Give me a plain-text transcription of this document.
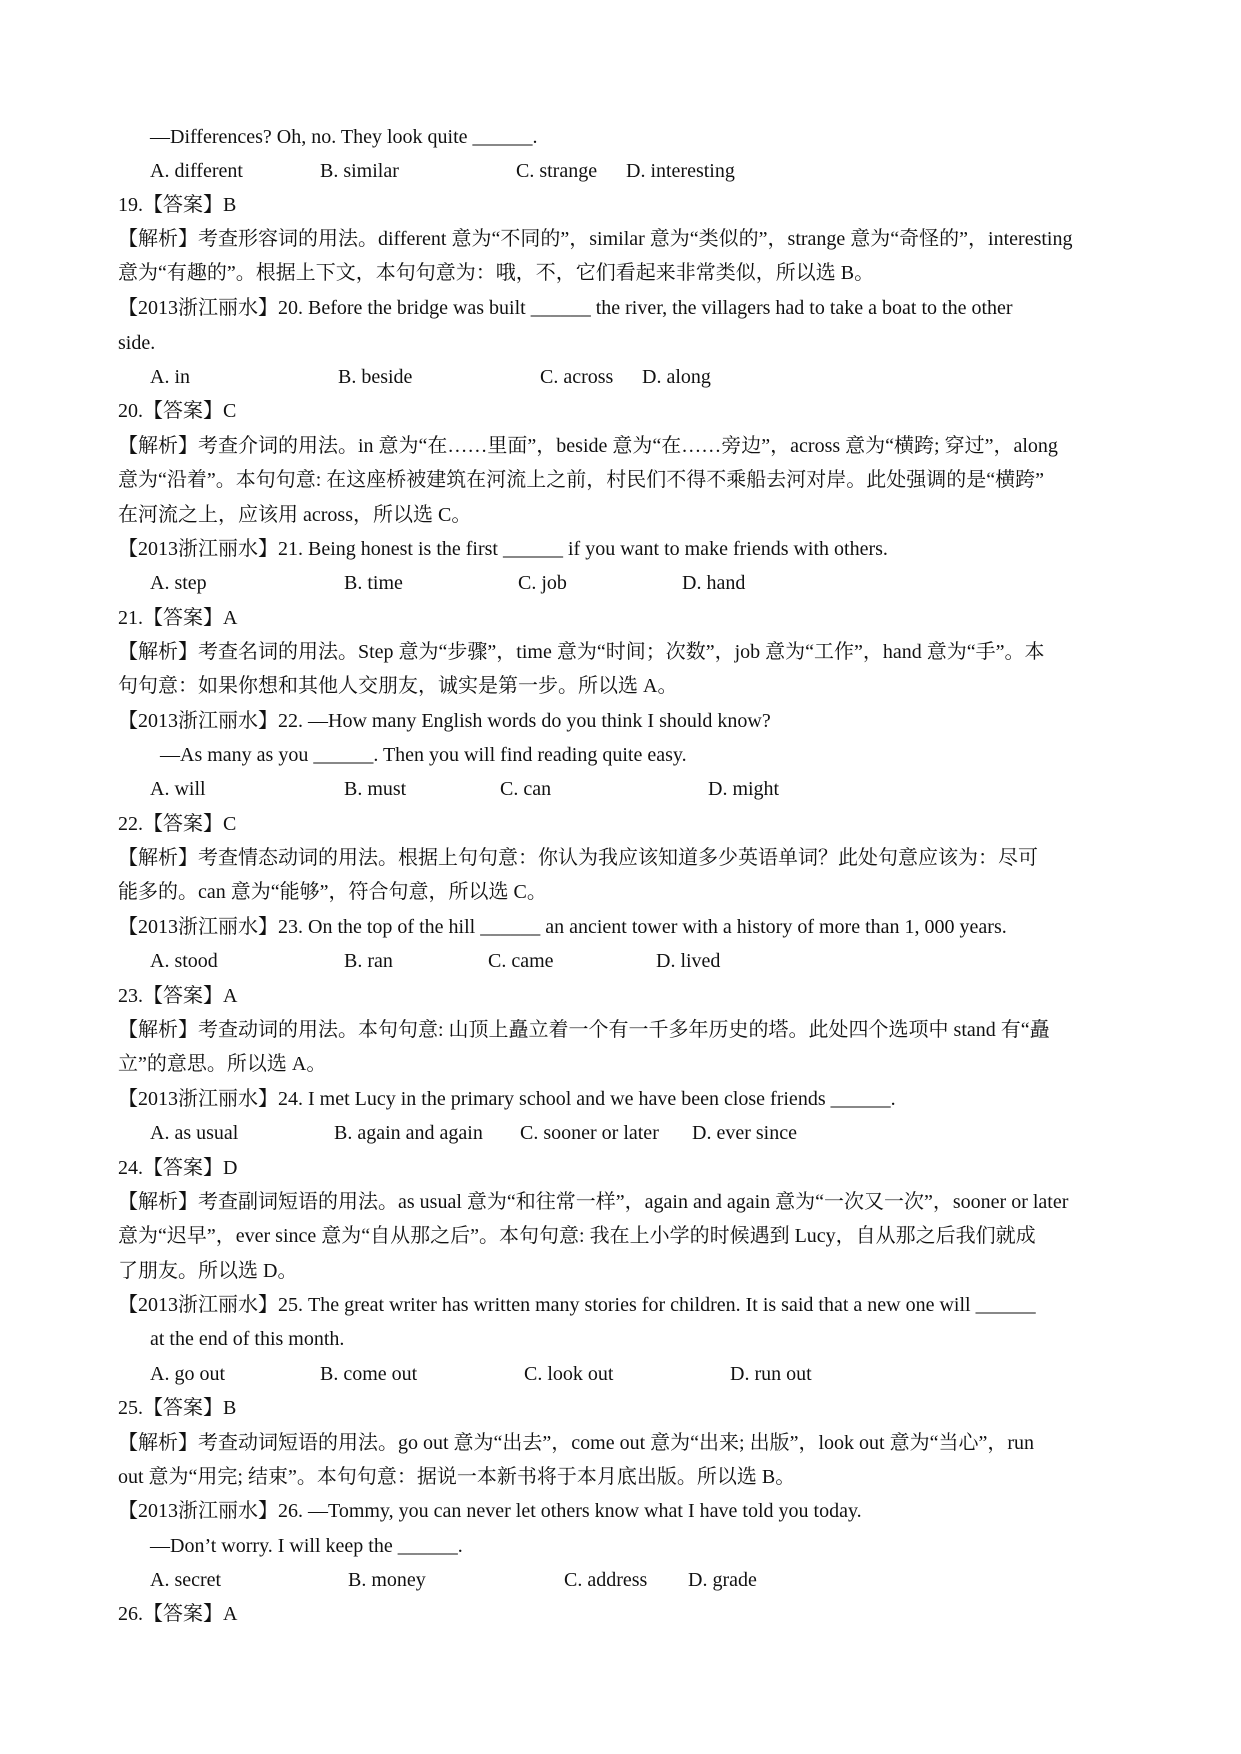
—Differences? Oh, no. They look quite ______.
A. different	B. similar	C. strange D. interesting
19.【答案】B
【解析】考查形容词的用法。different 意为“不同的”，similar 意为“类似的”，strange 意为“奇怪的”，interesting
意为“有趣的”。根据上下文，本句句意为：哦，不，它们看起来非常类似，所以选 B。
【2013浙江丽水】20. Before the bridge was built ______ the river, the villagers had to take a boat to the other
side.
A. in	B. beside	C. across D. along
20.【答案】C
【解析】考查介词的用法。in 意为“在……里面”，beside 意为“在……旁边”，across 意为“横跨; 穿过”，along
意为“沿着”。本句句意: 在这座桥被建筑在河流上之前，村民们不得不乘船去河对岸。此处强调的是“横跨”
在河流之上，应该用 across，所以选 C。
【2013浙江丽水】21. Being honest is the first ______ if you want to make friends with others.
A. step	B. time	C. job	D. hand
21.【答案】A
【解析】考查名词的用法。Step 意为“步骤”，time 意为“时间；次数”，job 意为“工作”，hand 意为“手”。本
句句意：如果你想和其他人交朋友，诚实是第一步。所以选 A。
【2013浙江丽水】22. —How many English words do you think I should know?
—As many as you ______. Then you will find reading quite easy.
A. will	B. must	C. can	D. might
22.【答案】C
【解析】考查情态动词的用法。根据上句句意：你认为我应该知道多少英语单词？此处句意应该为：尽可
能多的。can 意为“能够”，符合句意，所以选 C。
【2013浙江丽水】23. On the top of the hill ______ an ancient tower with a history of more than 1, 000 years.
A. stood	B. ran	C. came	D. lived
23.【答案】A
【解析】考查动词的用法。本句句意: 山顶上矗立着一个有一千多年历史的塔。此处四个选项中 stand 有“矗
立”的意思。所以选 A。
【2013浙江丽水】24. I met Lucy in the primary school and we have been close friends ______.
A. as usual	B. again and again C. sooner or later D. ever since
24.【答案】D
【解析】考查副词短语的用法。as usual 意为“和往常一样”，again and again 意为“一次又一次”，sooner or later
意为“迟早”，ever since 意为“自从那之后”。本句句意: 我在上小学的时候遇到 Lucy，自从那之后我们就成
了朋友。所以选 D。
【2013浙江丽水】25. The great writer has written many stories for children. It is said that a new one will ______
at the end of this month.
A. go out	B. come out	C. look out	D. run out
25.【答案】B
【解析】考查动词短语的用法。go out 意为“出去”，come out 意为“出来; 出版”，look out 意为“当心”，run
out 意为“用完; 结束”。本句句意：据说一本新书将于本月底出版。所以选 B。
【2013浙江丽水】26. —Tommy, you can never let others know what I have told you today.
—Don’t worry. I will keep the ______.
A. secret	B. money	C. address D. grade
26.【答案】A
